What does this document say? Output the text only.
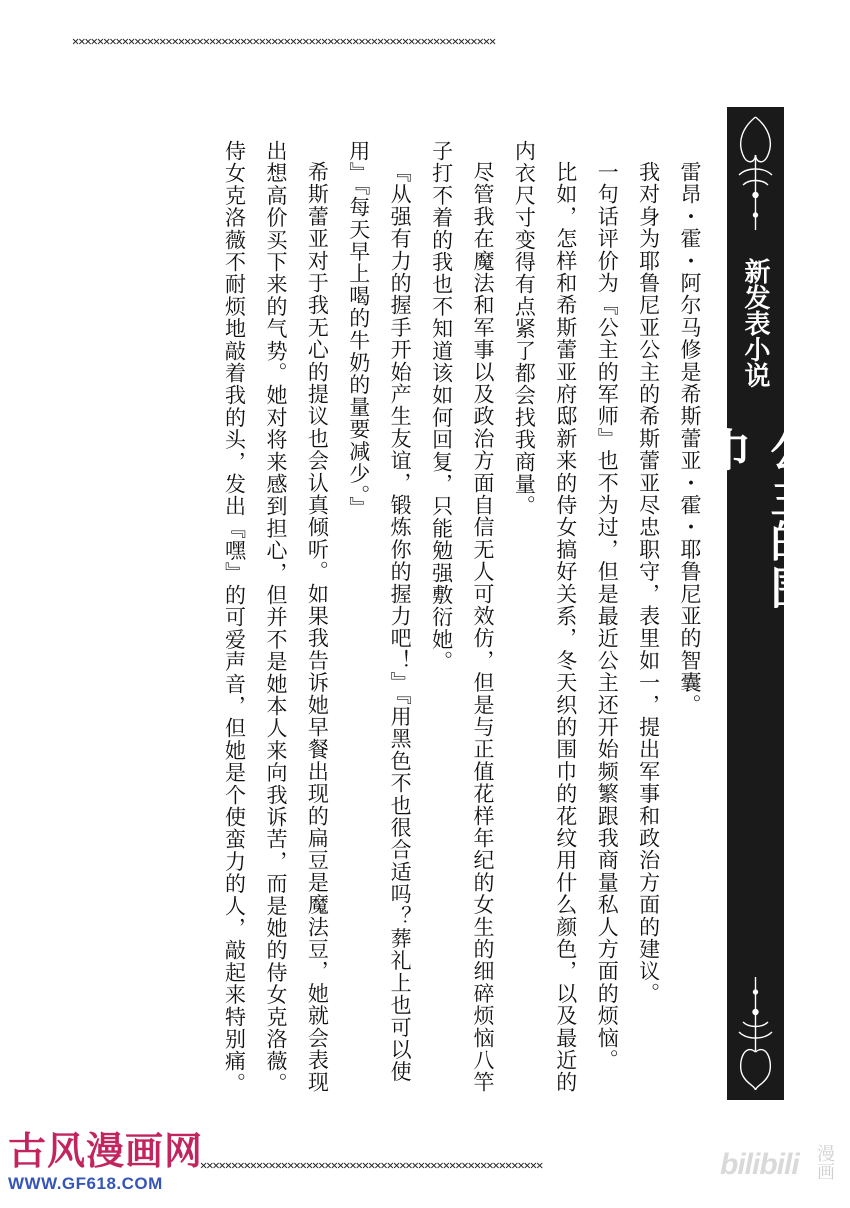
✕✕✕✕✕✕✕✕✕✕✕✕✕✕✕✕✕✕✕✕✕✕✕✕✕✕✕✕✕✕✕✕✕✕✕✕✕✕✕✕✕✕✕✕✕✕✕✕✕✕✕✕✕✕✕✕✕✕✕✕✕✕✕✕✕✕✕✕
✕✕✕✕✕✕✕✕✕✕✕✕✕✕✕✕✕✕✕✕✕✕✕✕✕✕✕✕✕✕✕✕✕✕✕✕✕✕✕✕✕✕✕✕✕✕✕✕✕✕✕✕✕✕✕
新发表小说
公主的围巾

雷昂・霍・阿尔马修是希斯蕾亚・霍・耶鲁尼亚的智囊。

我对身为耶鲁尼亚公主的希斯蕾亚尽忠职守，表里如一，提出军事和政治方面的建议。

一句话评价为『公主的军师』也不为过，但是最近公主还开始频繁跟我商量私人方面的烦恼。

比如，怎样和希斯蕾亚府邸新来的侍女搞好关系，冬天织的围巾的花纹用什么颜色，以及最近的内衣尺寸变得有点紧了都会找我商量。

尽管我在魔法和军事以及政治方面自信无人可效仿，但是与正值花样年纪的女生的细碎烦恼八竿子打不着的我也不知道该如何回复，只能勉强敷衍她。

『从强有力的握手开始产生友谊，锻炼你的握力吧！』『用黑色不也很合适吗？葬礼上也可以使用』『每天早上喝的牛奶的量要减少。』

希斯蕾亚对于我无心的提议也会认真倾听。如果我告诉她早餐出现的扁豆是魔法豆，她就会表现出想高价买下来的气势。她对将来感到担心，但并不是她本人来向我诉苦，而是她的侍女克洛薇。侍女克洛薇不耐烦地敲着我的头，发出『嘿』的可爱声音，但她是个使蛮力的人，敲起来特别痛。

古风漫画网
WWW.GF618.COM
bilibili 漫画
